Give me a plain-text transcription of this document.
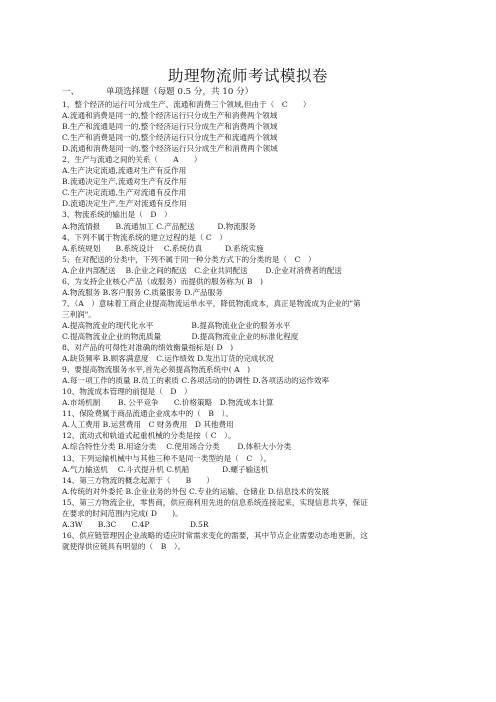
助理物流师考试模拟卷
一、	单项选择题（每题 0.5 分，共 10 分）
1、整个经济的运行可分成生产、流通和消费三个领域,但由于（　C　　）
A.流通和消费是同一的,整个经济运行只分成生产和消费两个领域
B.生产和流通是同一的,整个经济运行只分成生产和消费两个领域
C.生产和消费是同一的,整个经济运行只分成生产和流通两个领域
D.流通和消费是同一的,整个经济运行只分成生产和消费两个领域
2、生产与流通之间的关系（　　A　　）
A.生产决定流通,流通对生产有反作用
B.流通决定生产,流通对生产有反作用
C.生产决定流通,生产对流通有反作用
D.流通决定生产,生产对流通有反作用
3、物流系统的输出是（　D　）
A.物流情报　　B.流通加工 C.产品配送　　　D.物流服务
4、下列不属于物流系统的建立过程的是（ C　）
A.系统规划　　B.系统设计　 C.系统仿真　　　D.系统实施
5、在对配送的分类中，下列不属于同一种分类方式下的分类的是（　C　）
A.企业内部配送　 B.企业之间的配送　C.企业共同配送　　 D.企业对消费者的配送
6、为支持企业核心产品（或服务）而提供的服务称为( B　)
A.物流服务 B.客户服务 C.质量服务 D.产品服务
7、（A　）意味着工商企业提高物流运单水平，降低物流成本，真正是物流成为企业的"第
三利润"。
A.提高物流业的现代化水平　　　　　B.提高物流业企业的服务水平
C.提高物流业企业的物流质量　　　　D.提高物流业企业的标准化程度
8、对产品的可得性对准确的绩效衡量指标是( D　)
A.缺货频率 B.顾客满意度　C.运作绩效 D.发出订货的完成状况
9、要提高物流服务水平,首先必须提高物流系统中( A　)
A.每一项工作的质量 B.员工的素质 C.各项活动的协调性 D.各项活动的运作效率
10、物流成本管理的前提是（　D　）
A.市场机制　　 B. 公平竞争　　C.价格策略　D.物流成本计算
11、保险费属于商品流通企业成本中的（　B　）。
A.人工费用 B.运营费用　C 财务费用　D 其他费用
12、流动式和轨道式起重机械的分类是按（ C　）。
A.综合特性分类 B.用途分类　 C.使用场合分类　　 D.体积大小分类
13、下列运输机械中与其他三种不是同一类型的是（　C　）。
A.气力输送机　 C.斗式提升机 C.机船　　　　 D.螺子输送机
14、第三方物流的概念起源于（　　B　　）
A.传统的对外委托 B.企业业务的外包 C.专业的运输、仓储业 D.信息技术的发展
15、第三方物流企业，零售商，供应商利用先进的信息系统连接起来，实现信息共享，保证
在要求的时间范围内完成( D　　)。
A.3W　　B.3C　　C.4P　　　　　 D.5R
16、供应链管理因企业战略的适应时常需求变化的需要，其中节点企业需要动态地更新，这
就使得供应链具有明显的（　B　）。
